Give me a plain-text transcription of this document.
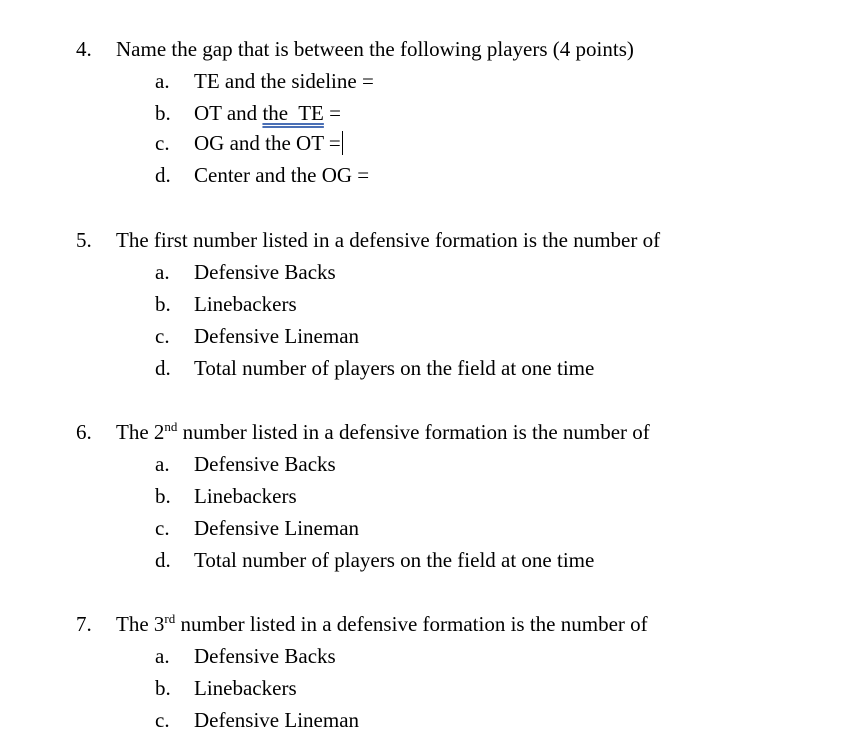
4. Name the gap that is between the following players (4 points)
a. TE and the sideline =
b. OT and the  TE =
c. OG and the OT =
d. Center and the OG =
5. The first number listed in a defensive formation is the number of
a. Defensive Backs
b. Linebackers
c. Defensive Lineman
d. Total number of players on the field at one time
6. The 2nd number listed in a defensive formation is the number of
a. Defensive Backs
b. Linebackers
c. Defensive Lineman
d. Total number of players on the field at one time
7. The 3rd number listed in a defensive formation is the number of
a. Defensive Backs
b. Linebackers
c. Defensive Lineman
